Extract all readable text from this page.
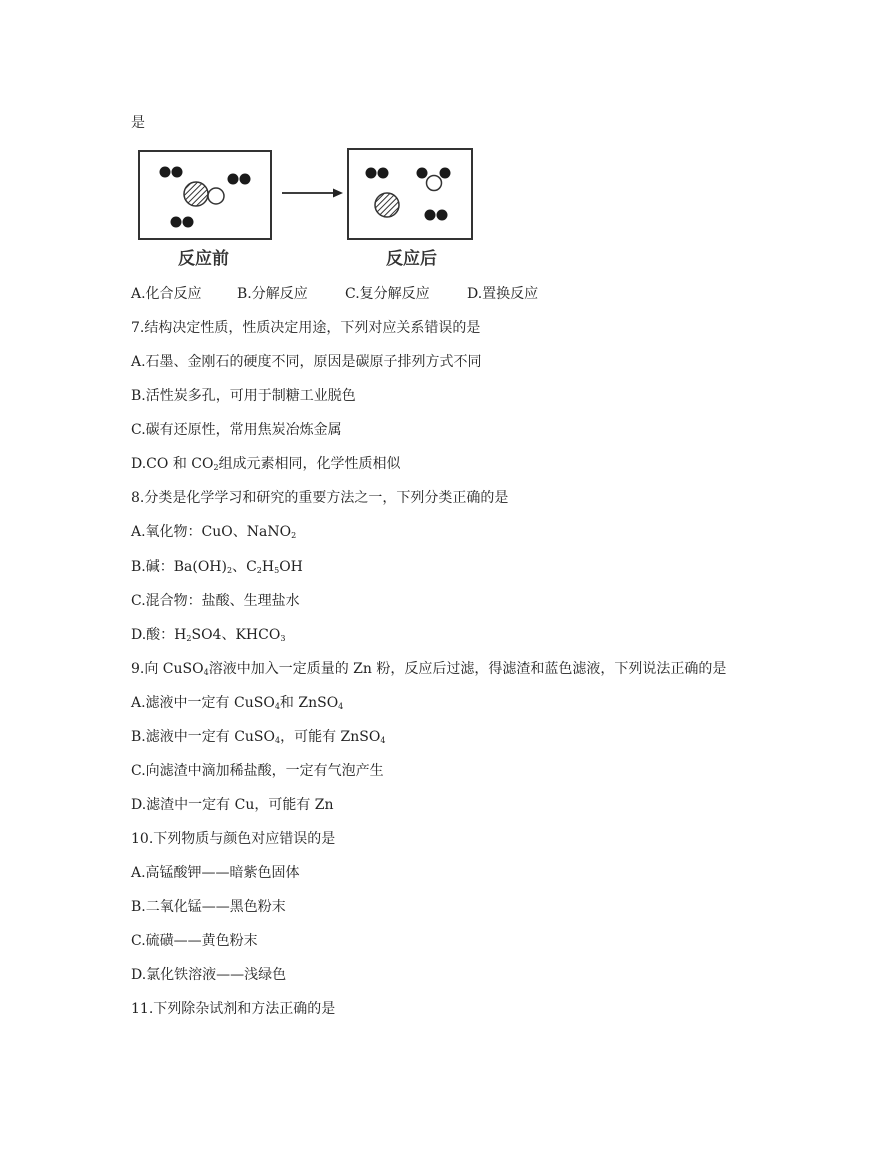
是
反应前	反应后
A.化合反应	B.分解反应	C.复分解反应	D.置换反应
7.结构决定性质，性质决定用途，下列对应关系错误的是
A.石墨、金刚石的硬度不同，原因是碳原子排列方式不同
B.活性炭多孔，可用于制糖工业脱色
C.碳有还原性，常用焦炭冶炼金属
D.CO 和 $CO_2$组成元素相同，化学性质相似
8.分类是化学学习和研究的重要方法之一，下列分类正确的是
A.氧化物：CuO、NaNO$_2$
B.碱：$Ba(OH)_2$、$C_2H_5OH$
C.混合物：盐酸、生理盐水
D.酸：$H_2SO4$、$KHCO_3$
9.向 CuSO$_4$溶液中加入一定质量的 Zn 粉，反应后过滤，得滤渣和蓝色滤液，下列说法正确的是
A.滤液中一定有 CuSO$_4$和 ZnSO$_4$
B.滤液中一定有 CuSO$_4$，可能有 ZnSO$_4$
C.向滤渣中滴加稀盐酸，一定有气泡产生
D.滤渣中一定有 Cu，可能有 Zn
10.下列物质与颜色对应错误的是
A.高锰酸钾——暗紫色固体
B.二氧化锰——黑色粉末
C.硫磺——黄色粉末
D.氯化铁溶液——浅绿色
11.下列除杂试剂和方法正确的是
